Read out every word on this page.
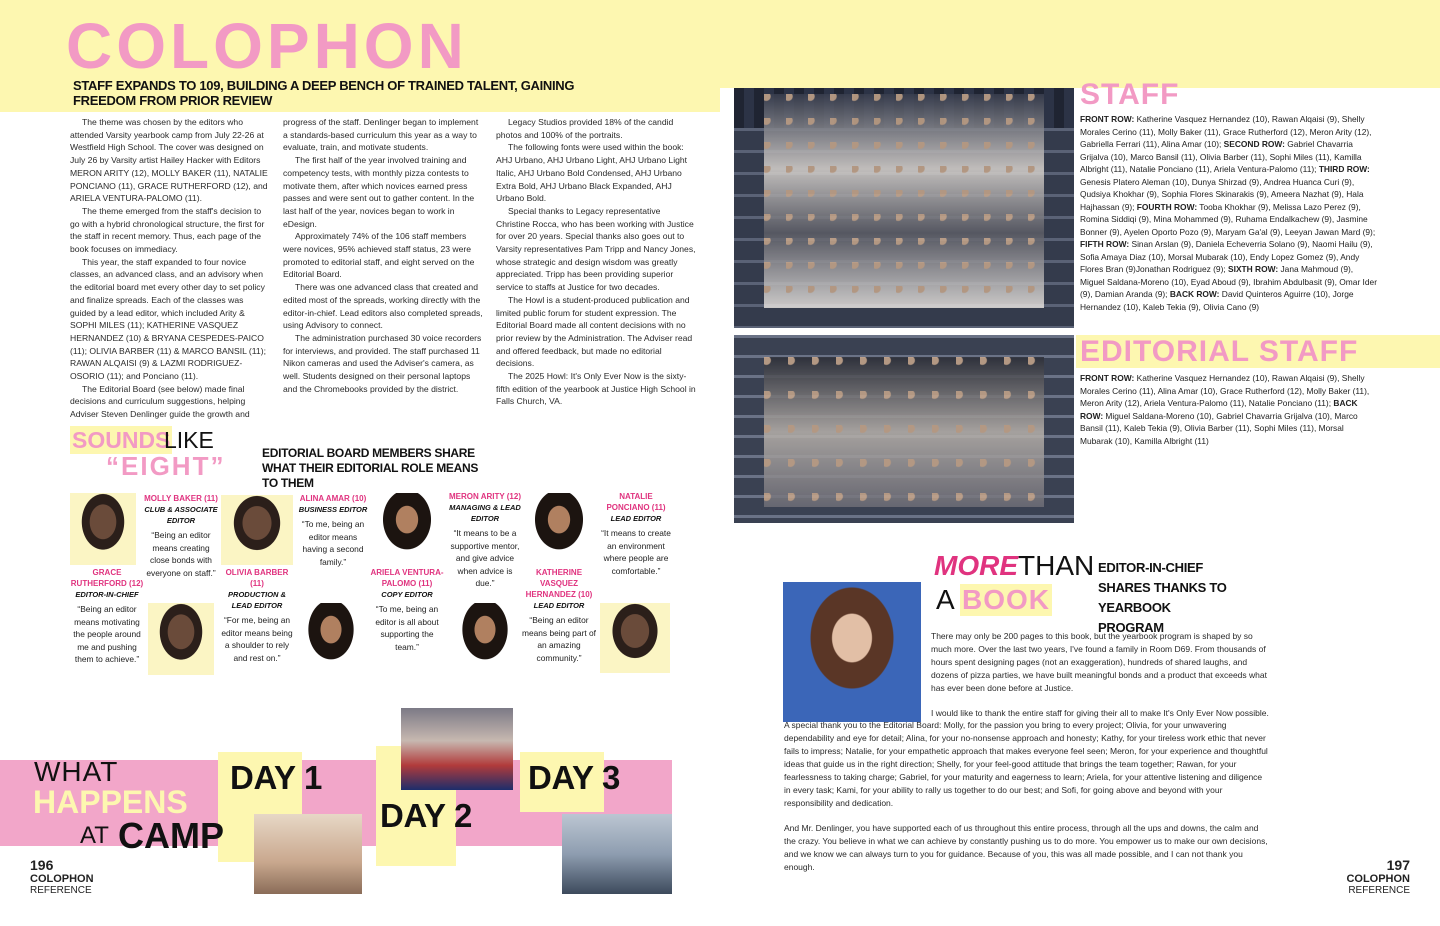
COLOPHON
STAFF EXPANDS TO 109, BUILDING A DEEP BENCH OF TRAINED TALENT, GAINING FREEDOM FROM PRIOR REVIEW

The theme was chosen by the editors who attended Varsity yearbook camp from July 22-26 at Westfield High School. The cover was designed on July 26 by Varsity artist Hailey Hacker with Editors MERON ARITY (12), MOLLY BAKER (11), NATALIE PONCIANO (11), GRACE RUTHERFORD (12), and ARIELA VENTURA-PALOMO (11).

The theme emerged from the staff's decision to go with a hybrid chronological structure, the first for the staff in recent memory. Thus, each page of the book focuses on immediacy.

This year, the staff expanded to four novice classes, an advanced class, and an advisory when the editorial board met every other day to set policy and finalize spreads. Each of the classes was guided by a lead editor, which included Arity & SOPHI MILES (11); KATHERINE VASQUEZ HERNANDEZ (10) & BRYANA CESPEDES-PAICO (11); OLIVIA BARBER (11) & MARCO BANSIL (11); RAWAN ALQAISI (9) & LAZMI RODRIGUEZ-OSORIO (11); and Ponciano (11).

The Editorial Board (see below) made final decisions and curriculum suggestions, helping Adviser Steven Denlinger guide the growth and

progress of the staff. Denlinger began to implement a standards-based curriculum this year as a way to evaluate, train, and motivate students.

The first half of the year involved training and competency tests, with monthly pizza contests to motivate them, after which novices earned press passes and were sent out to gather content. In the last half of the year, novices began to work in eDesign.

Approximately 74% of the 106 staff members were novices, 95% achieved staff status, 23 were promoted to editorial staff, and eight served on the Editorial Board.

There was one advanced class that created and edited most of the spreads, working directly with the editor-in-chief. Lead editors also completed spreads, using Advisory to connect.

The administration purchased 30 voice recorders for interviews, and provided. The staff purchased 11 Nikon cameras and used the Adviser's camera, as well. Students designed on their personal laptops and the Chromebooks provided by the district.

Legacy Studios provided 18% of the candid photos and 100% of the portraits.

The following fonts were used within the book: AHJ Urbano, AHJ Urbano Light, AHJ Urbano Light Italic, AHJ Urbano Bold Condensed, AHJ Urbano Extra Bold, AHJ Urbano Black Expanded, AHJ Urbano Bold.

Special thanks to Legacy representative Christine Rocca, who has been working with Justice for over 20 years. Special thanks also goes out to Varsity representatives Pam Tripp and Nancy Jones, whose strategic and design wisdom was greatly appreciated. Tripp has been providing superior service to staffs at Justice for two decades.

The Howl is a student-produced publication and limited public forum for student expression. The Editorial Board made all content decisions with no prior review by the Administration. The Adviser read and offered feedback, but made no editorial decisions.

The 2025 Howl: It's Only Ever Now is the sixty-fifth edition of the yearbook at Justice High School in Falls Church, VA.

SOUNDS
LIKE
“EIGHT”	EDITORIAL BOARD MEMBERS SHARE WHAT THEIR EDITORIAL ROLE MEANS TO THEM
GRACE RUTHERFORD (12)
EDITOR-IN-CHIEF
“Being an editor means motivating the people around me and pushing them to achieve.”
MOLLY BAKER (11)
CLUB & ASSOCIATE EDITOR
“Being an editor means creating close bonds with everyone on staff.”	OLIVIA BARBER (11)
PRODUCTION & LEAD EDITOR
“For me, being an editor means being a shoulder to rely and rest on.”
ALINA AMAR (10)
BUSINESS EDITOR
“To me, being an editor means having a second family.”
ARIELA VENTURA-PALOMO (11)
COPY EDITOR
“To me, being an editor is all about supporting the team.”
MERON ARITY (12)
MANAGING & LEAD EDITOR
“It means to be a supportive mentor, and give advice when advice is due.”
KATHERINE VASQUEZ HERNANDEZ (10)
LEAD EDITOR
“Being an editor means being part of an amazing community.”
NATALIE PONCIANO (11)
LEAD EDITOR
“It means to create an environment where people are comfortable.”
WHAT
HAPPENS
AT CAMP
DAY 1
DAY 2
DAY 3
196
COLOPHON
REFERENCE
STAFF
FRONT ROW: Katherine Vasquez Hernandez (10), Rawan Alqaisi (9), Shelly Morales Cerino (11), Molly Baker (11), Grace Rutherford (12), Meron Arity (12), Gabriella Ferrari (11), Alina Amar (10); SECOND ROW: Gabriel Chavarria Grijalva (10), Marco Bansil (11), Olivia Barber (11), Sophi Miles (11), Kamilla Albright (11), Natalie Ponciano (11), Ariela Ventura-Palomo (11); THIRD ROW: Genesis Platero Aleman (10), Dunya Shirzad (9), Andrea Huanca Curi (9), Qudsiya Khokhar (9), Sophia Flores Skinarakis (9), Ameera Nazhat (9), Hala Hajhassan (9); FOURTH ROW: Tooba Khokhar (9), Melissa Lazo Perez (9), Romina Siddiqi (9), Mina Mohammed (9), Ruhama Endalkachew (9), Jasmine Bonner (9), Ayelen Oporto Pozo (9), Maryam Ga'al (9), Leeyan Jawan Mard (9); FIFTH ROW: Sinan Arslan (9), Daniela Echeverria Solano (9), Naomi Hailu (9), Sofia Amaya Diaz (10), Morsal Mubarak (10), Endy Lopez Gomez (9), Andy Flores Bran (9)Jonathan Rodriguez (9); SIXTH ROW: Jana Mahmoud (9), Miguel Saldana-Moreno (10), Eyad Aboud (9), Ibrahim Abdulbasit (9), Omar Ider (9), Damian Aranda (9); BACK ROW: David Quinteros Aguirre (10), Jorge Hernandez (10), Kaleb Tekia (9), Olivia Cano (9)
EDITORIAL STAFF
FRONT ROW: Katherine Vasquez Hernandez (10), Rawan Alqaisi (9), Shelly Morales Cerino (11), Alina Amar (10), Grace Rutherford (12), Molly Baker (11), Meron Arity (12), Ariela Ventura-Palomo (11), Natalie Ponciano (11); BACK ROW: Miguel Saldana-Moreno (10), Gabriel Chavarria Grijalva (10), Marco Bansil (11), Kaleb Tekia (9), Olivia Barber (11), Sophi Miles (11), Morsal Mubarak (10), Kamilla Albright (11)
MORE THAN
A BOOK
EDITOR-IN-CHIEF SHARES THANKS TO YEARBOOK PROGRAM

There may only be 200 pages to this book, but the yearbook program is shaped by so much more. Over the last two years, I've found a family in Room D69. From thousands of hours spent designing pages (not an exaggeration), hundreds of shared laughs, and dozens of pizza parties, we have built meaningful bonds and a product that exceeds what has ever been done before at Justice.

I would like to thank the entire staff for giving their all to make It's Only Ever Now possible. A special thank you to the Editorial Board: Molly, for the passion you bring to every project; Olivia, for your unwavering dependability and eye for detail; Alina, for your no-nonsense approach and honesty; Kathy, for your tireless work ethic that never fails to impress; Natalie, for your empathetic approach that makes everyone feel seen; Meron, for your experience and thoughtful ideas that guide us in the right direction; Shelly, for your feel-good attitude that brings the team together; Rawan, for your fearlessness to taking charge; Gabriel, for your maturity and eagerness to learn; Ariela, for your attentive listening and diligence in every task; Kami, for your ability to rally us together to do our best; and Sofi, for going above and beyond with your responsibility and dedication.

And Mr. Denlinger, you have supported each of us throughout this entire process, through all the ups and downs, the calm and the crazy. You believe in what we can achieve by constantly pushing us to do more. You empower us to make our own decisions, and we know we can always turn to you for guidance. Because of you, this was all made possible, and I can not thank you enough.	197
COLOPHON
REFERENCE
